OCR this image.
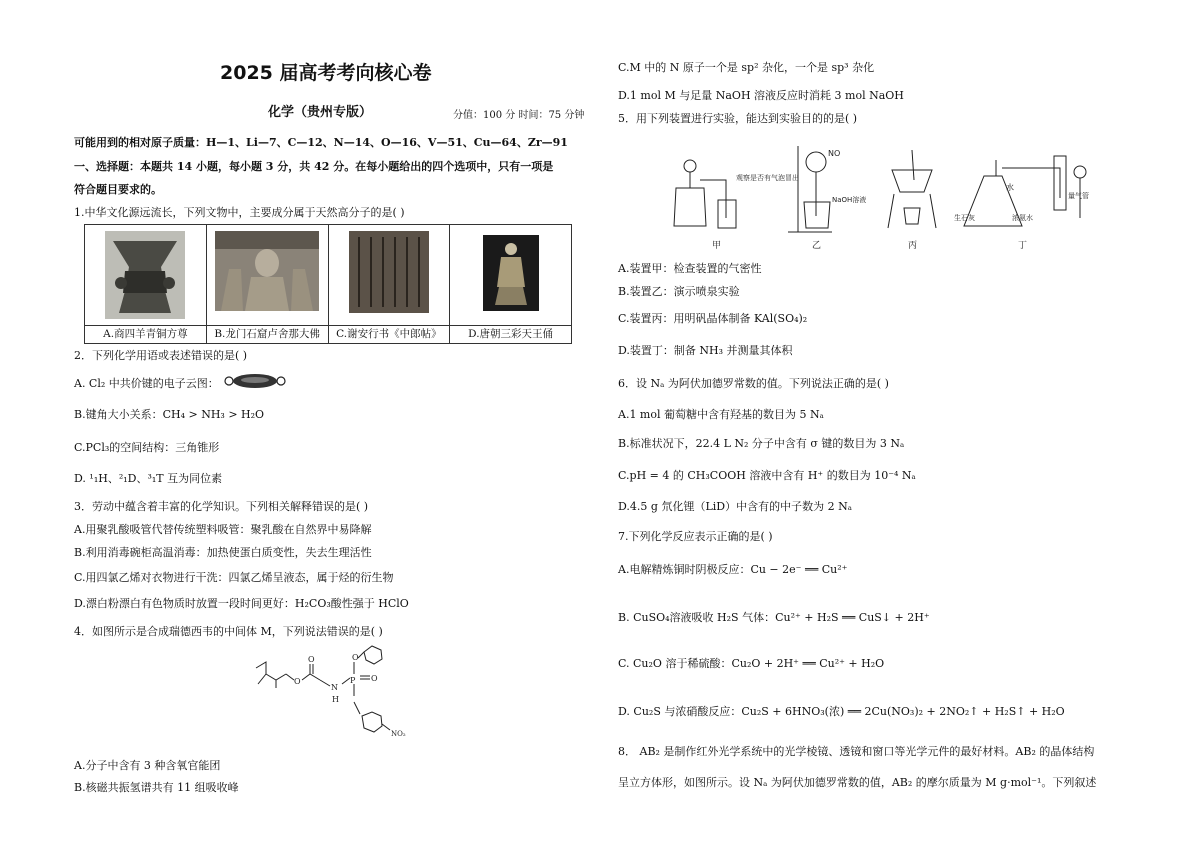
2025 届高考考向核心卷
化学（贵州专版）	分值：100 分 时间：75 分钟
可能用到的相对原子质量：H—1、Li—7、C—12、N—14、O—16、V—51、Cu—64、Zr—91
一、选择题：本题共 14 小题，每小题 3 分，共 42 分。在每小题给出的四个选项中，只有一项是
符合题目要求的。
1.中华文化源远流长，下列文物中，主要成分属于天然高分子的是( )
A.商四羊青铜方尊	B.龙门石窟卢舍那大佛	C.谢安行书《中郎帖》	D.唐朝三彩天王俑
2．下列化学用语或表述错误的是( )
A. Cl₂ 中共价键的电子云图：
B.键角大小关系：CH₄ > NH₃ > H₂O
C.PCl₃的空间结构：三角锥形
D. ¹₁H、²₁D、³₁T 互为同位素
3．劳动中蕴含着丰富的化学知识。下列相关解释错误的是( )
A.用聚乳酸吸管代替传统塑料吸管：聚乳酸在自然界中易降解
B.利用消毒碗柜高温消毒：加热使蛋白质变性，失去生理活性
C.用四氯乙烯对衣物进行干洗：四氯乙烯呈液态，属于烃的衍生物
D.漂白粉漂白有色物质时放置一段时间更好：H₂CO₃酸性强于 HClO
4．如图所示是合成瑞德西韦的中间体 M，下列说法错误的是( )
O
O
N
H
P
O
O
NO₂
A.分子中含有 3 种含氧官能团
B.核磁共振氢谱共有 11 组吸收峰
C.M 中的 N 原子一个是 sp² 杂化，一个是 sp³ 杂化
D.1 mol M 与足量 NaOH 溶液反应时消耗 3 mol NaOH
5．用下列装置进行实验，能达到实验目的的是( )
观察是否有气泡冒出
NO
NaOH溶液
水
生石灰	浓氨水
量气管
甲	乙	丙	丁
A.装置甲：检查装置的气密性
B.装置乙：演示喷泉实验
C.装置丙：用明矾晶体制备 KAl(SO₄)₂
D.装置丁：制备 NH₃ 并测量其体积
6．设 Nₐ 为阿伏加德罗常数的值。下列说法正确的是( )
A.1 mol 葡萄糖中含有羟基的数目为 5 Nₐ
B.标准状况下，22.4 L N₂ 分子中含有 σ 键的数目为 3 Nₐ
C.pH = 4 的 CH₃COOH 溶液中含有 H⁺ 的数目为 10⁻⁴ Nₐ
D.4.5 g 氘化锂（LiD）中含有的中子数为 2 Nₐ
7.下列化学反应表示正确的是( )
A.电解精炼铜时阴极反应：Cu − 2e⁻ ══ Cu²⁺
B. CuSO₄溶液吸收 H₂S 气体：Cu²⁺ + H₂S ══ CuS↓ + 2H⁺
C. Cu₂O 溶于稀硫酸：Cu₂O + 2H⁺ ══ Cu²⁺ + H₂O
D. Cu₂S 与浓硝酸反应：Cu₂S + 6HNO₃(浓) ══ 2Cu(NO₃)₂ + 2NO₂↑ + H₂S↑ + H₂O
8． AB₂ 是制作红外光学系统中的光学棱镜、透镜和窗口等光学元件的最好材料。AB₂ 的晶体结构
呈立方体形，如图所示。设 Nₐ 为阿伏加德罗常数的值，AB₂ 的摩尔质量为 M g·mol⁻¹。下列叙述
